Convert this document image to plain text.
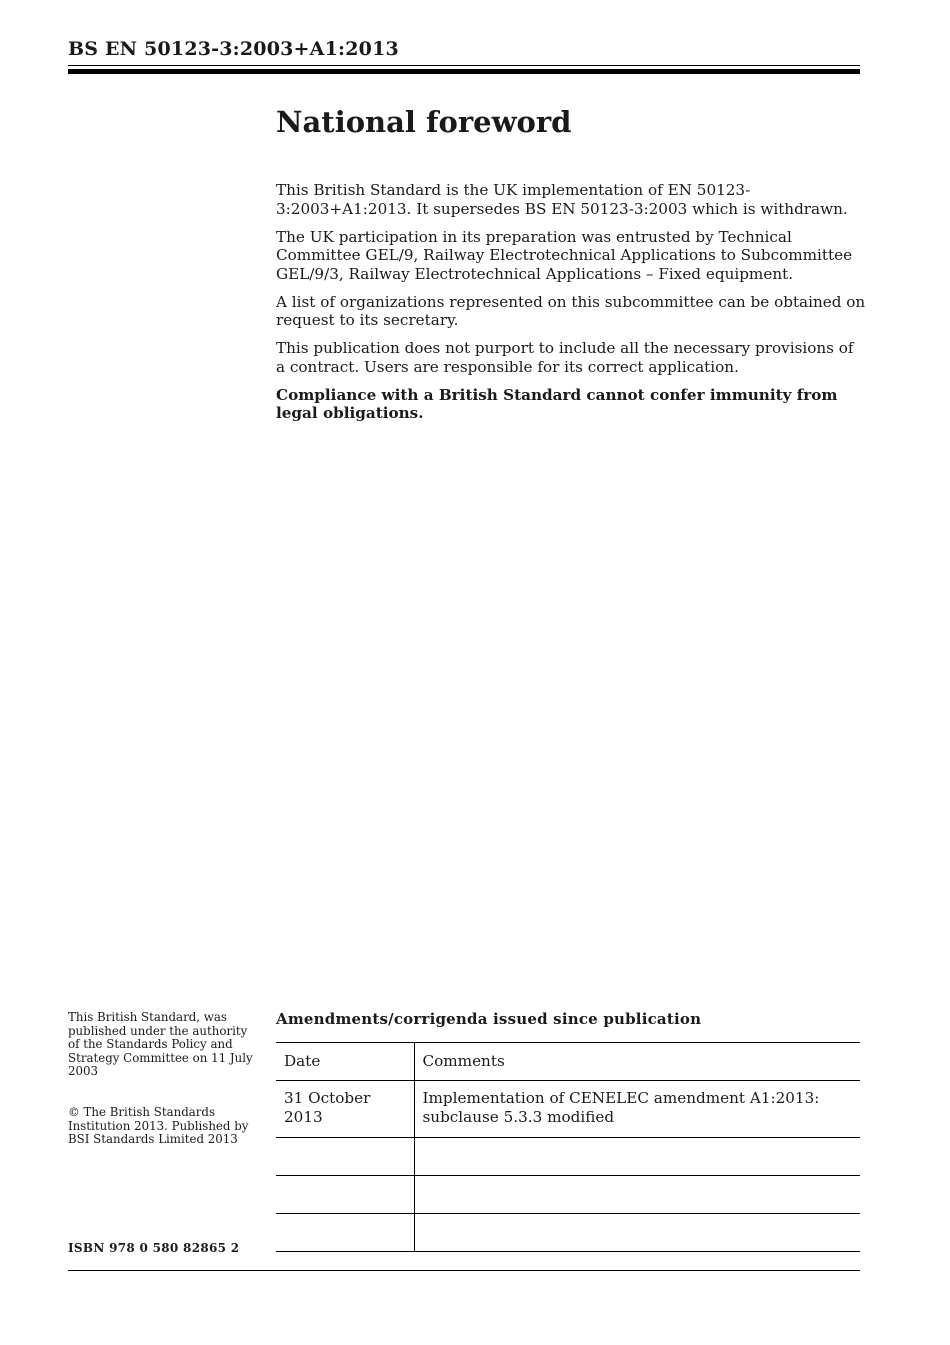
BS EN 50123-3:2003+A1:2013
National foreword

This British Standard is the UK implementation of EN 50123-3:2003+A1:2013. It supersedes BS EN 50123-3:2003 which is withdrawn.

The UK participation in its preparation was entrusted by Technical Committee GEL/9, Railway Electrotechnical Applications to Subcommittee GEL/9/3, Railway Electrotechnical Applications – Fixed equipment.

A list of organizations represented on this subcommittee can be obtained on request to its secretary.

This publication does not purport to include all the necessary provisions of a contract. Users are responsible for its correct application.

Compliance with a British Standard cannot confer immunity from legal obligations.

This British Standard, was published under the authority of the Standards Policy and Strategy Committee on 11 July 2003
© The British Standards Institution 2013. Published by BSI Standards Limited 2013
ISBN 978 0 580 82865 2
Amendments/corrigenda issued since publication
Date	Comments
31 October 2013	Implementation of CENELEC amendment A1:2013: subclause 5.3.3 modified
